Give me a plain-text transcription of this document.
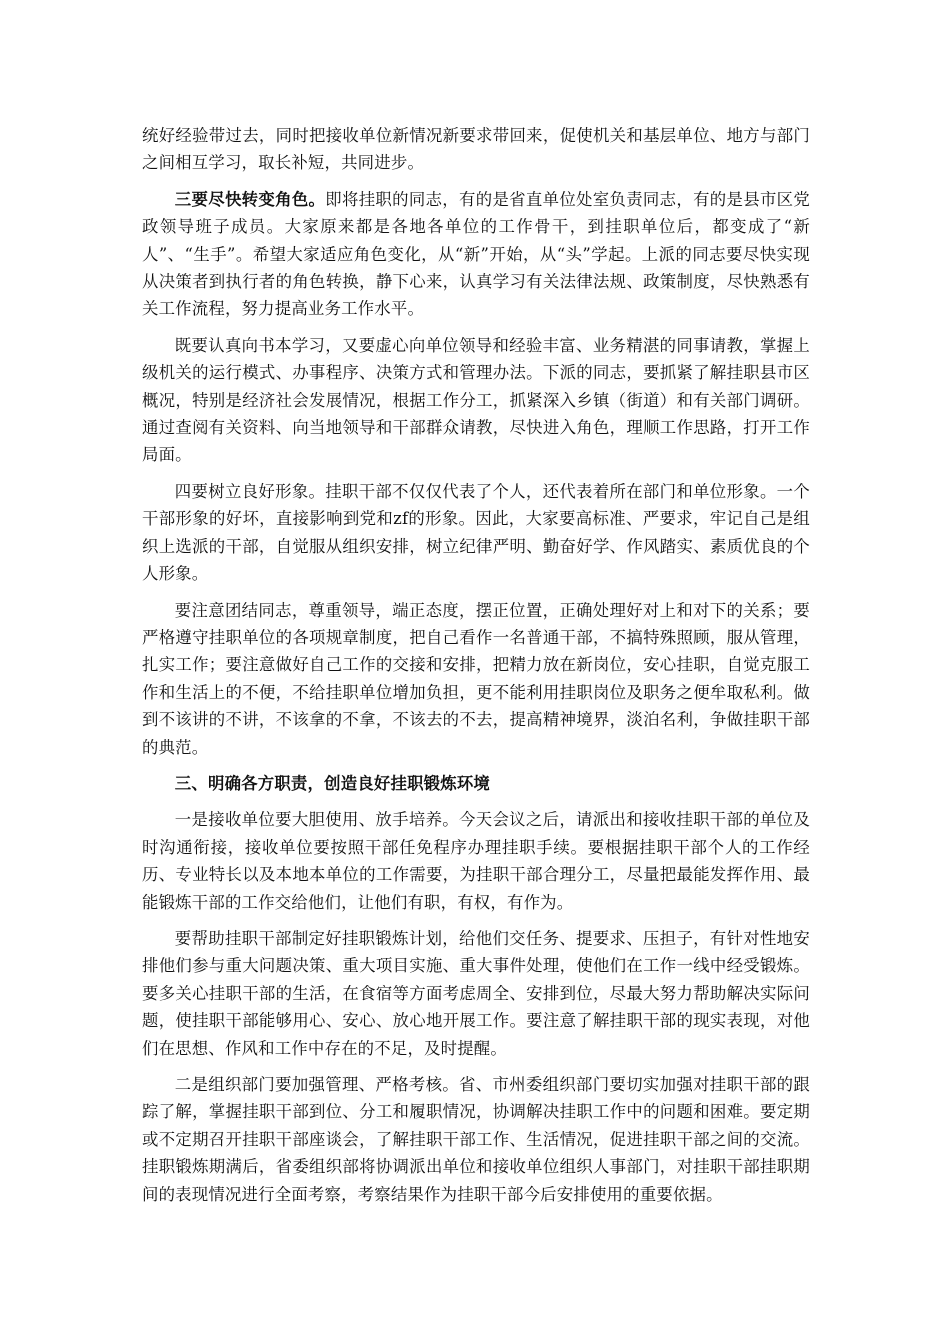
统好经验带过去，同时把接收单位新情况新要求带回来，促使机关和基层单位、地方与部门之间相互学习，取长补短，共同进步。

三要尽快转变角色。即将挂职的同志，有的是省直单位处室负责同志，有的是县市区党政领导班子成员。大家原来都是各地各单位的工作骨干，到挂职单位后，都变成了“新人”、“生手”。希望大家适应角色变化，从“新”开始，从“头”学起。上派的同志要尽快实现从决策者到执行者的角色转换，静下心来，认真学习有关法律法规、政策制度，尽快熟悉有关工作流程，努力提高业务工作水平。

既要认真向书本学习，又要虚心向单位领导和经验丰富、业务精湛的同事请教，掌握上级机关的运行模式、办事程序、决策方式和管理办法。下派的同志，要抓紧了解挂职县市区概况，特别是经济社会发展情况，根据工作分工，抓紧深入乡镇（街道）和有关部门调研。通过查阅有关资料、向当地领导和干部群众请教，尽快进入角色，理顺工作思路，打开工作局面。

四要树立良好形象。挂职干部不仅仅代表了个人，还代表着所在部门和单位形象。一个干部形象的好坏，直接影响到党和zf的形象。因此，大家要高标准、严要求，牢记自己是组织上选派的干部，自觉服从组织安排，树立纪律严明、勤奋好学、作风踏实、素质优良的个人形象。

要注意团结同志，尊重领导，端正态度，摆正位置，正确处理好对上和对下的关系；要严格遵守挂职单位的各项规章制度，把自己看作一名普通干部，不搞特殊照顾，服从管理，扎实工作；要注意做好自己工作的交接和安排，把精力放在新岗位，安心挂职，自觉克服工作和生活上的不便，不给挂职单位增加负担，更不能利用挂职岗位及职务之便牟取私利。做到不该讲的不讲，不该拿的不拿，不该去的不去，提高精神境界，淡泊名利，争做挂职干部的典范。

三、明确各方职责，创造良好挂职锻炼环境

一是接收单位要大胆使用、放手培养。今天会议之后，请派出和接收挂职干部的单位及时沟通衔接，接收单位要按照干部任免程序办理挂职手续。要根据挂职干部个人的工作经历、专业特长以及本地本单位的工作需要，为挂职干部合理分工，尽量把最能发挥作用、最能锻炼干部的工作交给他们，让他们有职，有权，有作为。

要帮助挂职干部制定好挂职锻炼计划，给他们交任务、提要求、压担子，有针对性地安排他们参与重大问题决策、重大项目实施、重大事件处理，使他们在工作一线中经受锻炼。要多关心挂职干部的生活，在食宿等方面考虑周全、安排到位，尽最大努力帮助解决实际问题，使挂职干部能够用心、安心、放心地开展工作。要注意了解挂职干部的现实表现，对他们在思想、作风和工作中存在的不足，及时提醒。

二是组织部门要加强管理、严格考核。省、市州委组织部门要切实加强对挂职干部的跟踪了解，掌握挂职干部到位、分工和履职情况，协调解决挂职工作中的问题和困难。要定期或不定期召开挂职干部座谈会，了解挂职干部工作、生活情况，促进挂职干部之间的交流。挂职锻炼期满后，省委组织部将协调派出单位和接收单位组织人事部门，对挂职干部挂职期间的表现情况进行全面考察，考察结果作为挂职干部今后安排使用的重要依据。
